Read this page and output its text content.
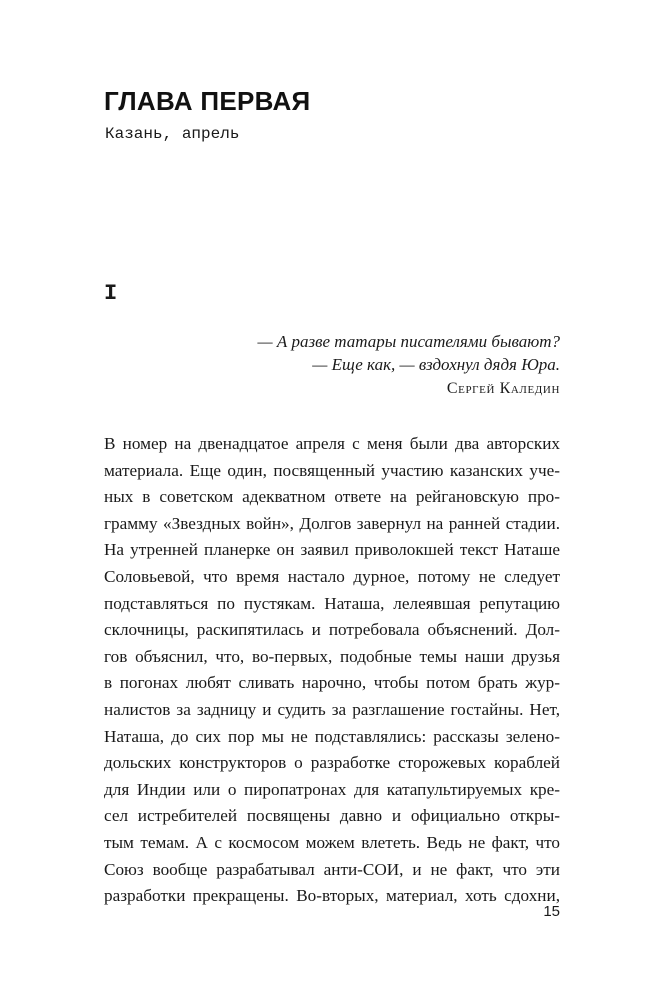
ГЛАВА ПЕРВАЯ
Казань, апрель
I
— А разве татары писателями бывают?
— Еще как, — вздохнул дядя Юра.
Сергей Каледин
В номер на двенадцатое апреля с меня были два авторских
материала. Еще один, посвященный участию казанских уче-
ных в советском адекватном ответе на рейгановскую про-
грамму «Звездных войн», Долгов завернул на ранней стадии.
На утренней планерке он заявил приволокшей текст Наташе
Соловьевой, что время настало дурное, потому не следует
подставляться по пустякам. Наташа, лелеявшая репутацию
склочницы, раскипятилась и потребовала объяснений. Дол-
гов объяснил, что, во-первых, подобные темы наши друзья
в погонах любят сливать нарочно, чтобы потом брать жур-
налистов за задницу и судить за разглашение гостайны. Нет,
Наташа, до сих пор мы не подставлялись: рассказы зелено-
дольских конструкторов о разработке сторожевых кораблей
для Индии или о пиропатронах для катапультируемых кре-
сел истребителей посвящены давно и официально откры-
тым темам. А с космосом можем влететь. Ведь не факт, что
Союз вообще разрабатывал анти-СОИ, и не факт, что эти
разработки прекращены. Во-вторых, материал, хоть сдохни,
15
